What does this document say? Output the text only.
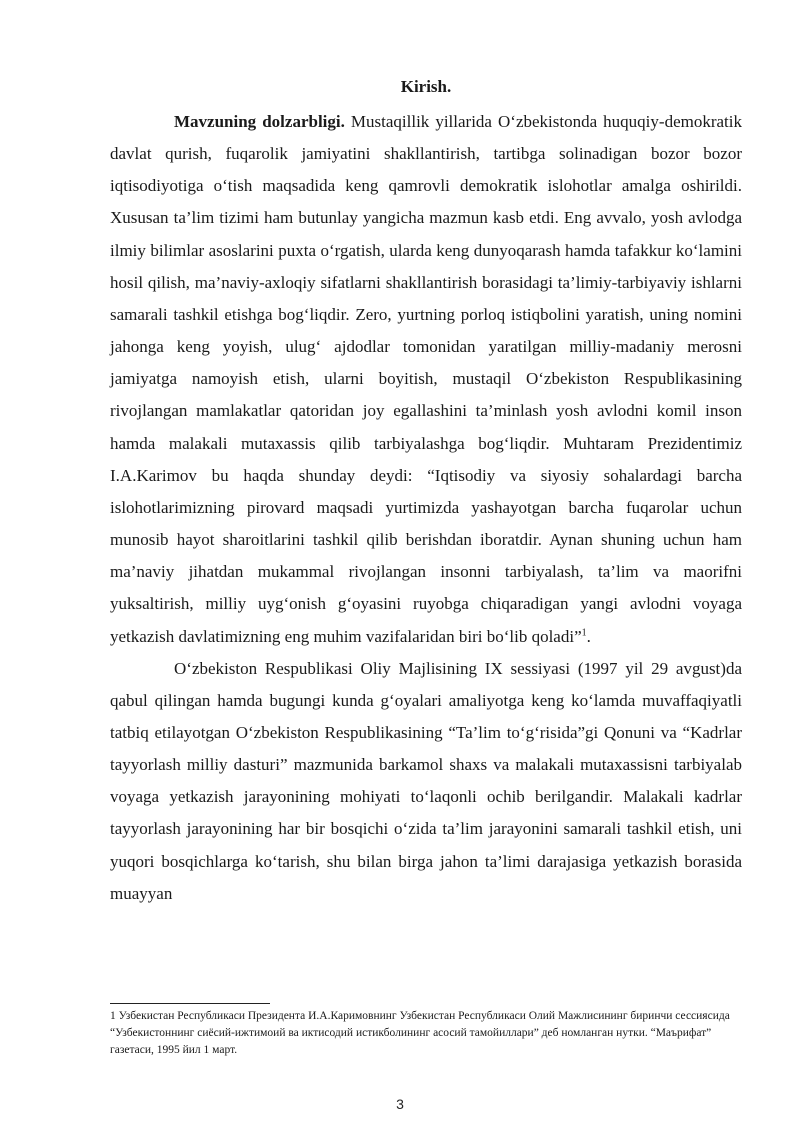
Kirish.

Mavzuning dolzarbligi. Mustaqillik yillarida O‘zbekistonda huquqiy-demokratik davlat qurish, fuqarolik jamiyatini shakllantirish, tartibga solinadigan bozor bozor iqtisodiyotiga o‘tish maqsadida keng qamrovli demokratik islohotlar amalga oshirildi. Xususan ta’lim tizimi ham butunlay yangicha mazmun kasb etdi. Eng avvalo, yosh avlodga ilmiy bilimlar asoslarini puxta o‘rgatish, ularda keng dunyoqarash hamda tafakkur ko‘lamini hosil qilish, ma’naviy-axloqiy sifatlarni shakllantirish borasidagi ta’limiy-tarbiyaviy ishlarni samarali tashkil etishga bog‘liqdir. Zero, yurtning porloq istiqbolini yaratish, uning nomini jahonga keng yoyish, ulug‘ ajdodlar tomonidan yaratilgan milliy-madaniy merosni jamiyatga namoyish etish, ularni boyitish, mustaqil O‘zbekiston Respublikasining rivojlangan mamlakatlar qatoridan joy egallashini ta’minlash yosh avlodni komil inson hamda malakali mutaxassis qilib tarbiyalashga bog‘liqdir. Muhtaram Prezidentimiz I.A.Karimov bu haqda shunday deydi: “Iqtisodiy va siyosiy sohalardagi barcha islohotlarimizning pirovard maqsadi yurtimizda yashayotgan barcha fuqarolar uchun munosib hayot sharoitlarini tashkil qilib berishdan iboratdir. Aynan shuning uchun ham ma’naviy jihatdan mukammal rivojlangan insonni tarbiyalash, ta’lim va maorifni yuksaltirish, milliy uyg‘onish g‘oyasini ruyobga chiqaradigan yangi avlodni voyaga yetkazish davlatimizning eng muhim vazifalaridan biri bo‘lib qoladi”$^1$.

O‘zbekiston Respublikasi Oliy Majlisining IX sessiyasi (1997 yil 29 avgust)da qabul qilingan hamda bugungi kunda g‘oyalari amaliyotga keng ko‘lamda muvaffaqiyatli tatbiq etilayotgan O‘zbekiston Respublikasining “Ta’lim to‘g‘risida”gi Qonuni va “Kadrlar tayyorlash milliy dasturi” mazmunida barkamol shaxs va malakali mutaxassisni tarbiyalab voyaga yetkazish jarayonining mohiyati to‘laqonli ochib berilgandir. Malakali kadrlar tayyorlash jarayonining har bir bosqichi o‘zida ta’lim jarayonini samarali tashkil etish, uni yuqori bosqichlarga ko‘tarish, shu bilan birga jahon ta’limi darajasiga yetkazish borasida muayyan

1 Узбекистан Республикаси Президента И.А.Каримовнинг Узбекистан Республикаси Олий Мажлисининг биринчи сессиясида “Узбекистоннинг сиёсий-ижтимоий ва иктисодий истикболининг асосий тамойиллари” деб номланган нутки. “Маърифат” газетаси, 1995 йил 1 март.
3
